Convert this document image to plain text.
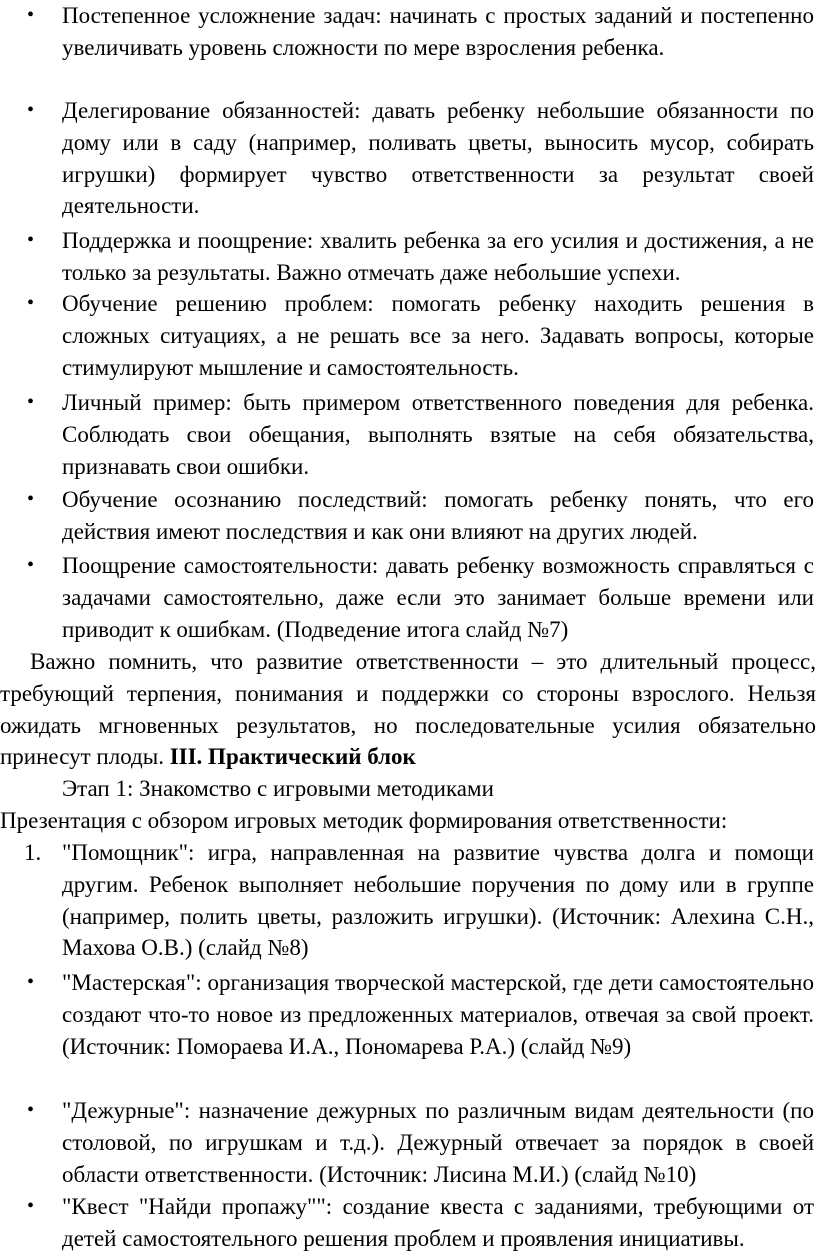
•	Постепенное усложнение задач: начинать с простых заданий и постепенно увеличивать уровень сложности по мере взросления ребенка.

•	Делегирование обязанностей: давать ребенку небольшие обязанности по дому или в саду (например, поливать цветы, выносить мусор, собирать игрушки) формирует чувство ответственности за результат своей деятельности.

•	Поддержка и поощрение: хвалить ребенка за его усилия и достижения, а не только за результаты. Важно отмечать даже небольшие успехи.

•	Обучение решению проблем: помогать ребенку находить решения в сложных ситуациях, а не решать все за него. Задавать вопросы, которые стимулируют мышление и самостоятельность.

•	Личный пример: быть примером ответственного поведения для ребенка. Соблюдать свои обещания, выполнять взятые на себя обязательства, признавать свои ошибки.

•	Обучение осознанию последствий: помогать ребенку понять, что его действия имеют последствия и как они влияют на других людей.

•	Поощрение самостоятельности: давать ребенку возможность справляться с задачами самостоятельно, даже если это занимает больше времени или приводит к ошибкам. (Подведение итога слайд №7)

Важно помнить, что развитие ответственности – это длительный процесс, требующий терпения, понимания и поддержки со стороны взрослого. Нельзя ожидать мгновенных результатов, но последовательные усилия обязательно принесут плоды. III. Практический блок

Этап 1: Знакомство с игровыми методиками

Презентация с обзором игровых методик формирования ответственности:

1. "Помощник": игра, направленная на развитие чувства долга и помощи другим. Ребенок выполняет небольшие поручения по дому или в группе (например, полить цветы, разложить игрушки). (Источник: Алехина С.Н., Махова О.В.) (слайд №8)

•	"Мастерская": организация творческой мастерской, где дети самостоятельно создают что-то новое из предложенных материалов, отвечая за свой проект. (Источник: Помораева И.А., Пономарева Р.А.) (слайд №9)

•	"Дежурные": назначение дежурных по различным видам деятельности (по столовой, по игрушкам и т.д.). Дежурный отвечает за порядок в своей области ответственности. (Источник: Лисина М.И.) (слайд №10)

•	"Квест "Найди пропажу"": создание квеста с заданиями, требующими от детей самостоятельного решения проблем и проявления инициативы.
